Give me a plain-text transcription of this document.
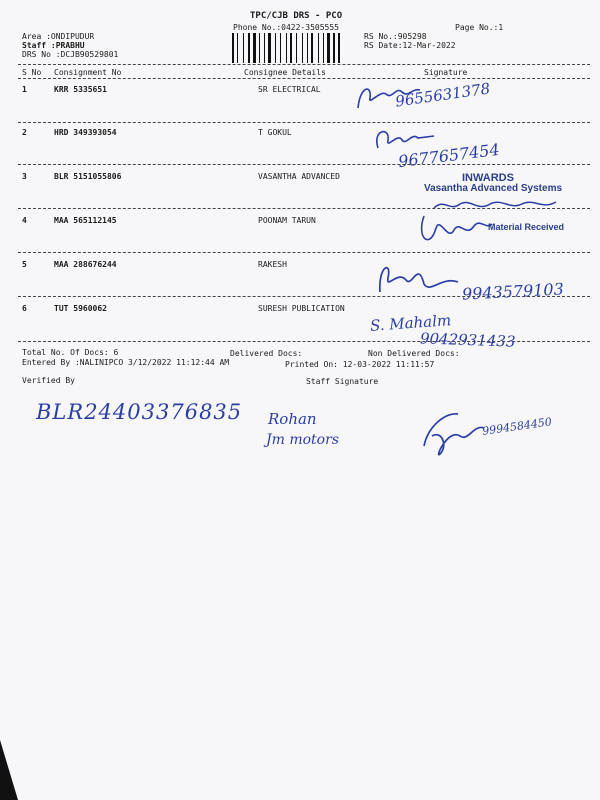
TPC/CJB DRS - PCO
Phone No.:0422-3505555	Page No.:1
Area :ONDIPUDUR
Staff :PRABHU
DRS No :DCJB90529801
RS No.:905298
RS Date:12-Mar-2022
S No Consignment No	Consignee Details	Signature
1	KRR 5335651	SR ELECTRICAL
2	HRD 349393054	T GOKUL
3	BLR 5151055806	VASANTHA ADVANCED
4	MAA 565112145	POONAM TARUN
5	MAA 288676244	RAKESH
6	TUT 5960062	SURESH PUBLICATION
Total No. Of Docs: 6	Delivered Docs:	Non Delivered Docs:
Entered By :NALINIPCO 3/12/2022 11:12:44 AM	Printed On: 12-03-2022 11:11:57
Verified By	Staff Signature
9655631378
9677657454
INWARDS
Vasantha Advanced Systems
Material Received
9943579103
S. Mahalm
9042931433
BLR24403376835 Rohan
Jm motors
9994584450
